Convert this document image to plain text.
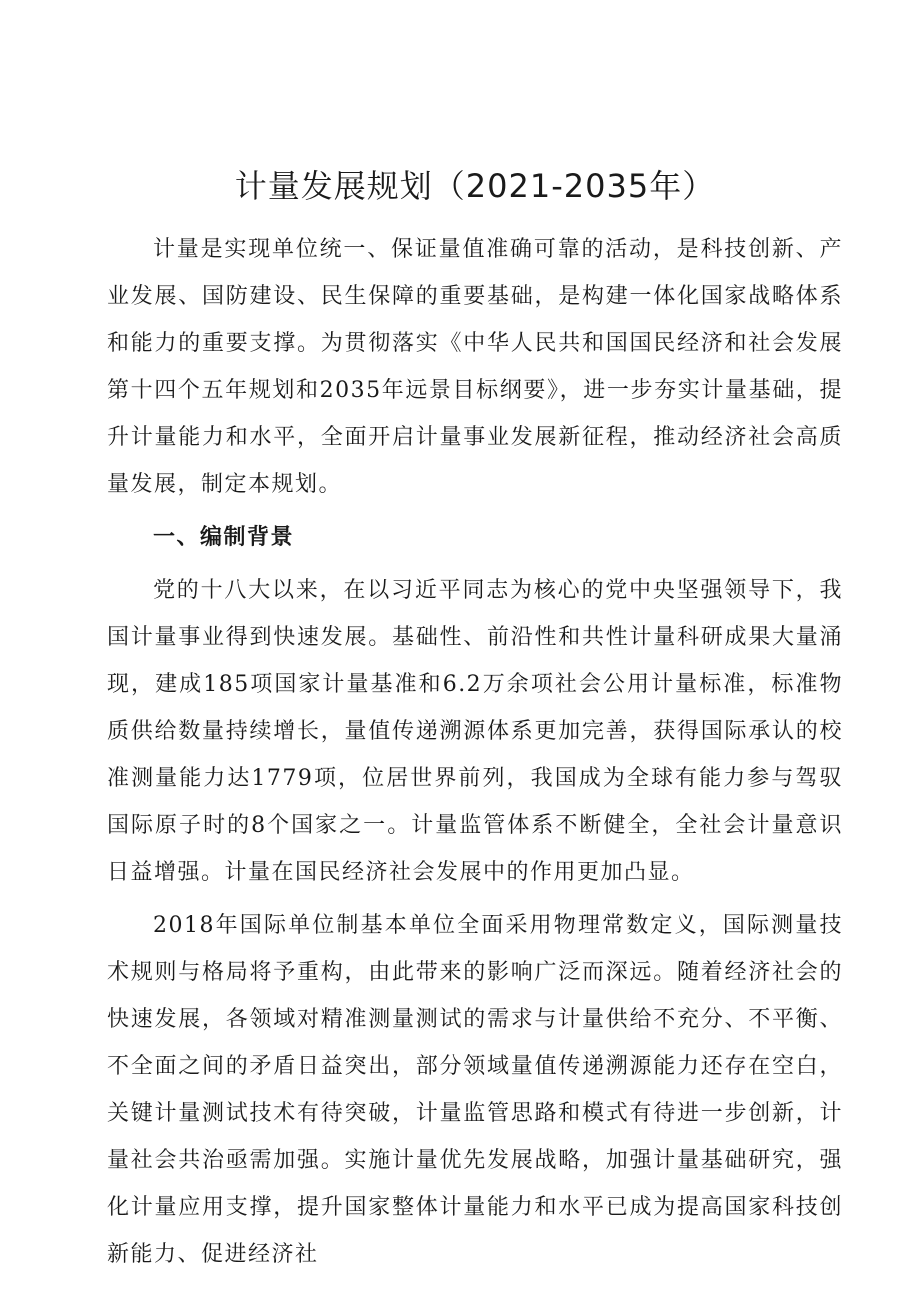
计量发展规划（2021-2035年）

计量是实现单位统一、保证量值准确可靠的活动，是科技创新、产业发展、国防建设、民生保障的重要基础，是构建一体化国家战略体系和能力的重要支撑。为贯彻落实《中华人民共和国国民经济和社会发展第十四个五年规划和2035年远景目标纲要》，进一步夯实计量基础，提升计量能力和水平，全面开启计量事业发展新征程，推动经济社会高质量发展，制定本规划。

一、编制背景

党的十八大以来，在以习近平同志为核心的党中央坚强领导下，我国计量事业得到快速发展。基础性、前沿性和共性计量科研成果大量涌现，建成185项国家计量基准和6.2万余项社会公用计量标准，标准物质供给数量持续增长，量值传递溯源体系更加完善，获得国际承认的校准测量能力达1779项，位居世界前列，我国成为全球有能力参与驾驭国际原子时的8个国家之一。计量监管体系不断健全，全社会计量意识日益增强。计量在国民经济社会发展中的作用更加凸显。

2018年国际单位制基本单位全面采用物理常数定义，国际测量技术规则与格局将予重构，由此带来的影响广泛而深远。随着经济社会的快速发展，各领域对精准测量测试的需求与计量供给不充分、不平衡、不全面之间的矛盾日益突出，部分领域量值传递溯源能力还存在空白，关键计量测试技术有待突破，计量监管思路和模式有待进一步创新，计量社会共治亟需加强。实施计量优先发展战略，加强计量基础研究，强化计量应用支撑，提升国家整体计量能力和水平已成为提高国家科技创新能力、促进经济社
